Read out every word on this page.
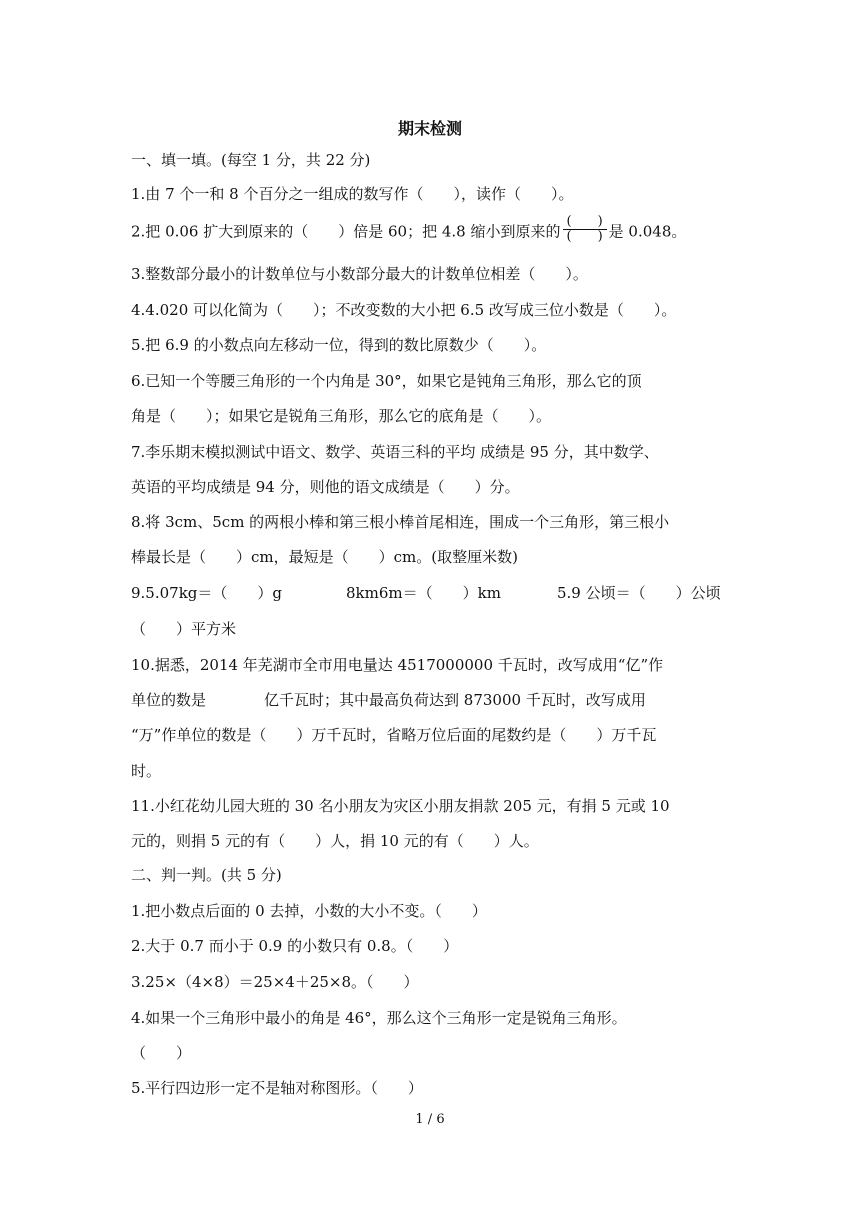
期末检测
一、填一填。(每空 1 分，共 22 分)
1.由 7 个一和 8 个百分之一组成的数写作（　　），读作（　　）。
2.把 0.06 扩大到原来的（　　）倍是 60；把 4.8 缩小到原来的 $\frac{( )}{( )}$ 是 0.048。
3.整数部分最小的计数单位与小数部分最大的计数单位相差（　　）。
4.4.020 可以化简为（　　）；不改变数的大小把 6.5 改写成三位小数是（　　）。
5.把 6.9 的小数点向左移动一位，得到的数比原数少（　　）。
6.已知一个等腰三角形的一个内角是 30°，如果它是钝角三角形，那么它的顶
角是（　　）；如果它是锐角三角形，那么它的底角是（　　）。
7.李乐期末模拟测试中语文、数学、英语三科的平均 成绩是 95 分，其中数学、
英语的平均成绩是 94 分，则他的语文成绩是（　　）分。
8.将 3cm、5cm 的两根小棒和第三根小棒首尾相连，围成一个三角形，第三根小
棒最长是（　　）cm，最短是（　　）cm。(取整厘米数)
9.5.07kg＝（　　）g	8km6m＝（　　）km	5.9 公顷＝（　　）公顷
（　　）平方米
10.据悉，2014 年芜湖市全市用电量达 4517000000 千瓦时，改写成用“亿”作
单位的数是	亿千瓦时；其中最高负荷达到 873000 千瓦时，改写成用
“万”作单位的数是（　　）万千瓦时，省略万位后面的尾数约是（　　）万千瓦
时。
11.小红花幼儿园大班的 30 名小朋友为灾区小朋友捐款 205 元，有捐 5 元或 10
元的，则捐 5 元的有（　　）人，捐 10 元的有（　　）人。
二、判一判。(共 5 分)
1.把小数点后面的 0 去掉，小数的大小不变。（　　）
2.大于 0.7 而小于 0.9 的小数只有 0.8。（　　）
3.25×（4×8）＝25×4＋25×8。（　　）
4.如果一个三角形中最小的角是 46°，那么这个三角形一定是锐角三角形。
（　　）
5.平行四边形一定不是轴对称图形。（　　）
1 / 6
